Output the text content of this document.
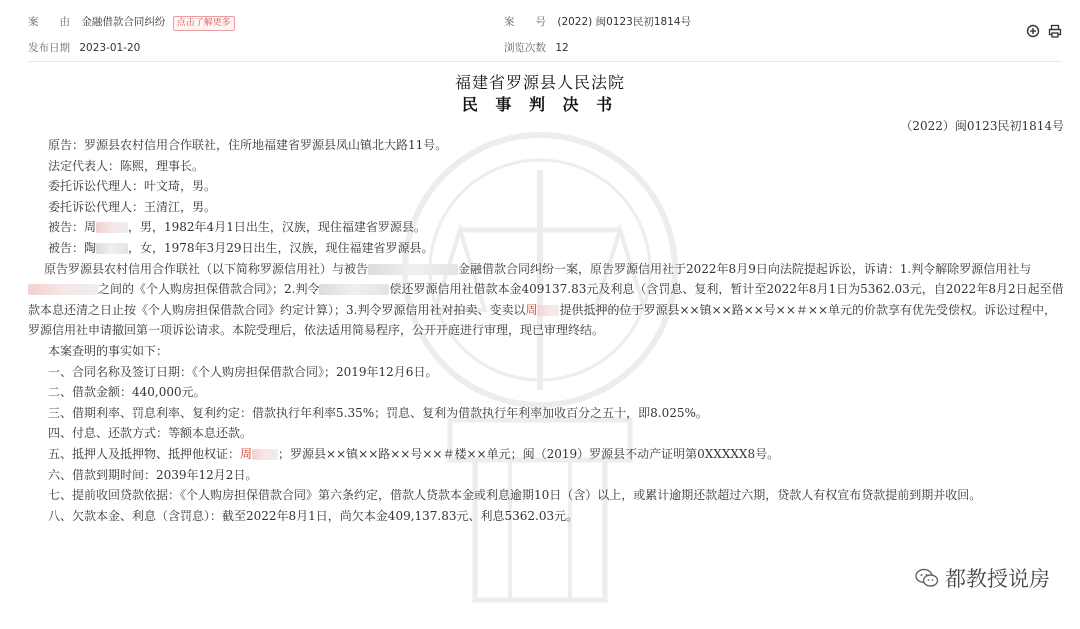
案　　由 金融借款合同纠纷 点击了解更多
发布日期 2023-01-20
案　　号 (2022) 闽0123民初1814号
浏览次数 12

福建省罗源县人民法院
民 事 判 决 书
（2022）闽0123民初1814号

原告：罗源县农村信用合作联社，住所地福建省罗源县凤山镇北大路11号。

法定代表人：陈熙，理事长。

委托诉讼代理人：叶文琦，男。

委托诉讼代理人：王清江，男。

被告：周	，男，1982年4月1日出生，汉族，现住福建省罗源县。

被告：陶	，女，1978年3月29日出生，汉族，现住福建省罗源县。

原告罗源县农村信用合作联社（以下简称罗源信用社）与被告	金融借款合同纠纷一案，原告罗源信用社于2022年8月9日向法院提起诉讼，诉请：1.判令解除罗源信用社与之间的《个人购房担保借款合同》；2.判令	偿还罗源信用社借款本金409137.83元及利息（含罚息、复利，暂计至2022年8月1日为5362.03元，自2022年8月2日起至借款本息还清之日止按《个人购房担保借款合同》约定计算）；3.判令罗源信用社对拍卖、变卖以周 提供抵押的位于罗源县××镇××路××号××＃××单元的价款享有优先受偿权。诉讼过程中，罗源信用社申请撤回第一项诉讼请求。本院受理后，依法适用简易程序，公开开庭进行审理，现已审理终结。

本案查明的事实如下：

一、合同名称及签订日期：《个人购房担保借款合同》；2019年12月6日。

二、借款金额：440,000元。

三、借期利率、罚息利率、复利约定：借款执行年利率5.35%；罚息、复利为借款执行年利率加收百分之五十，即8.025%。

四、付息、还款方式：等额本息还款。

五、抵押人及抵押物、抵押他权证：周 ；罗源县××镇××路××号××＃楼××单元；闽（2019）罗源县不动产证明第0XXXXX8号。

六、借款到期时间：2039年12月2日。

七、提前收回贷款依据：《个人购房担保借款合同》第六条约定，借款人贷款本金或利息逾期10日（含）以上，或累计逾期还款超过六期，贷款人有权宣布贷款提前到期并收回。

八、欠款本金、利息（含罚息）：截至2022年8月1日，尚欠本金409,137.83元、利息5362.03元。

都教授说房
